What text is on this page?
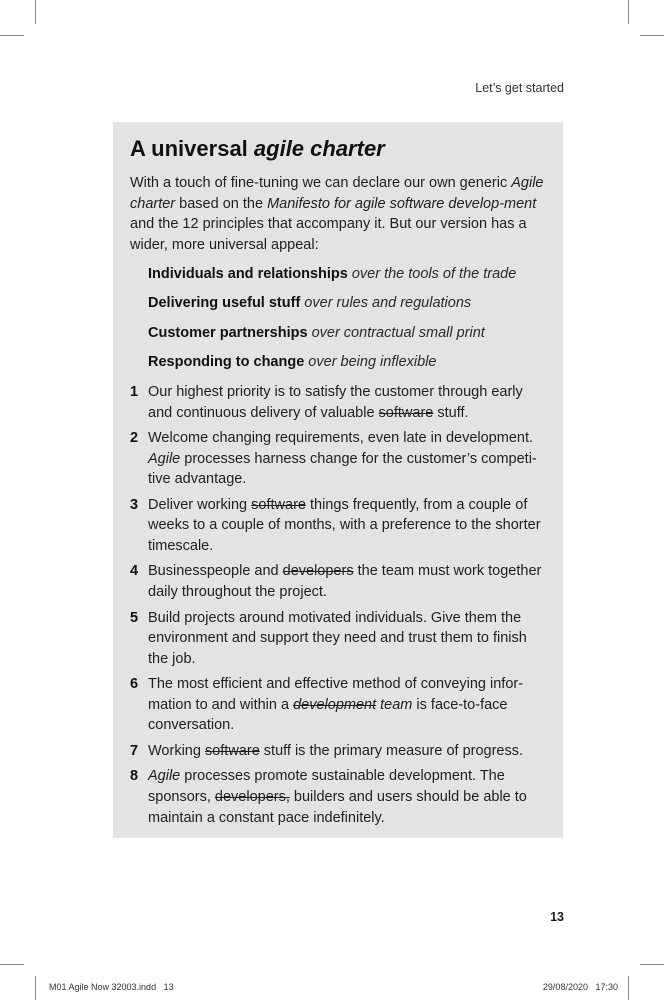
Let’s get started
A universal agile charter

With a touch of fine-tuning we can declare our own generic Agile charter based on the Manifesto for agile software develop-ment and the 12 principles that accompany it. But our version has a wider, more universal appeal:

Individuals and relationships over the tools of the trade
Delivering useful stuff over rules and regulations
Customer partnerships over contractual small print
Responding to change over being inflexible
1 Our highest priority is to satisfy the customer through early and continuous delivery of valuable software stuff.
2 Welcome changing requirements, even late in development. Agile processes harness change for the customer’s competi-tive advantage.
3 Deliver working software things frequently, from a couple of weeks to a couple of months, with a preference to the shorter timescale.
4 Businesspeople and developers the team must work together daily throughout the project.
5 Build projects around motivated individuals. Give them the environment and support they need and trust them to finish the job.
6 The most efficient and effective method of conveying infor-mation to and within a development team is face-to-face conversation.
7 Working software stuff is the primary measure of progress.
8 Agile processes promote sustainable development. The sponsors, developers, builders and users should be able to maintain a constant pace indefinitely.
13
M01 Agile Now 32003.indd   13	29/08/2020   17:30
